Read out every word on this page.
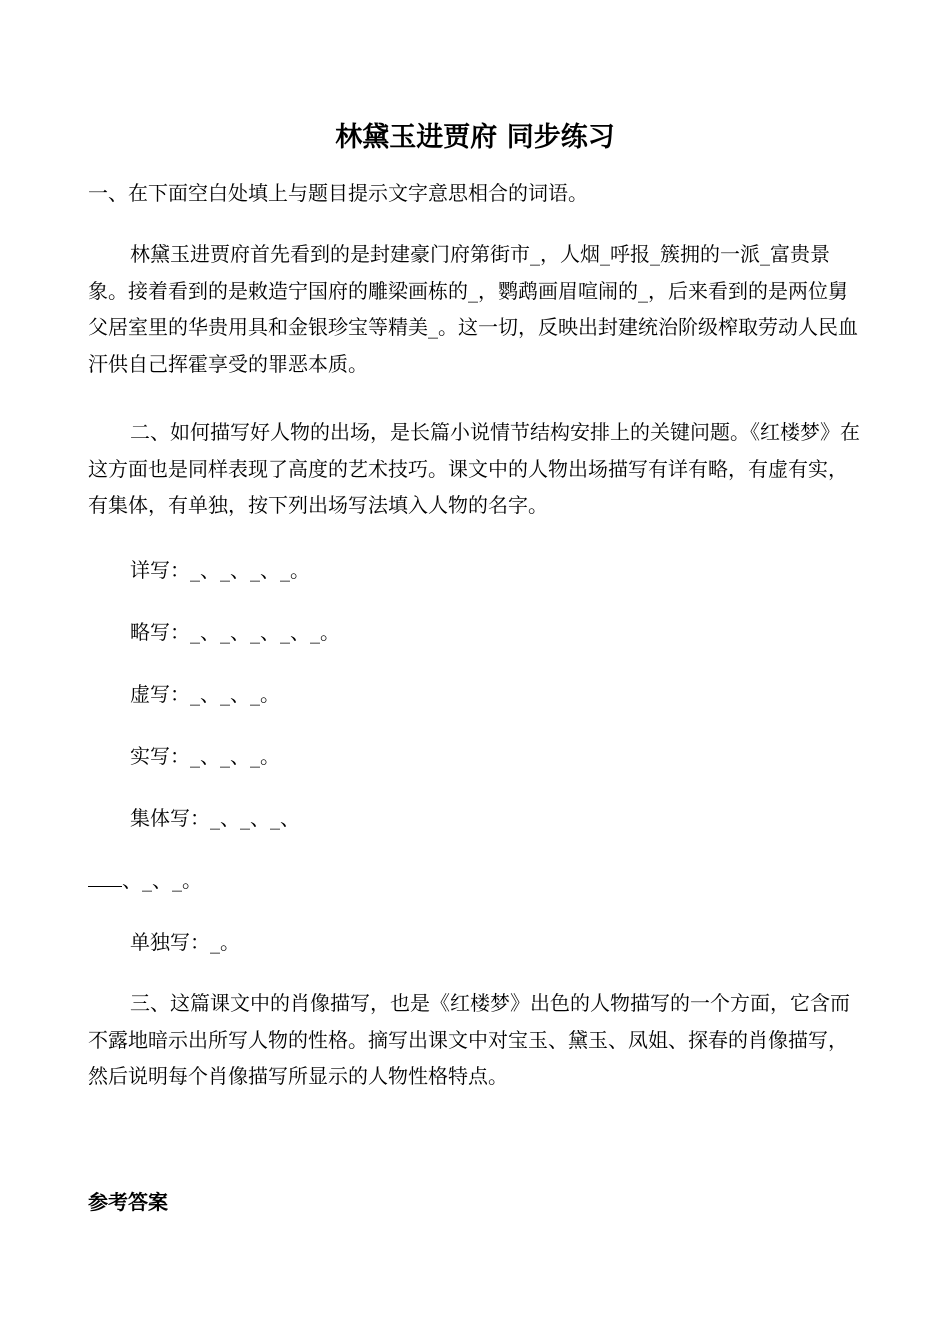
林黛玉进贾府 同步练习
一、在下面空白处填上与题目提示文字意思相合的词语。

林黛玉进贾府首先看到的是封建豪门府第街市_，人烟_呼报_簇拥的一派_富贵景象。接着看到的是敕造宁国府的雕梁画栋的_，鹦鹉画眉喧闹的_，后来看到的是两位舅父居室里的华贵用具和金银珍宝等精美_。这一切，反映出封建统治阶级榨取劳动人民血汗供自己挥霍享受的罪恶本质。

二、如何描写好人物的出场，是长篇小说情节结构安排上的关键问题。《红楼梦》在这方面也是同样表现了高度的艺术技巧。课文中的人物出场描写有详有略，有虚有实，有集体，有单独，按下列出场写法填入人物的名字。

详写：_、_、_、_。
略写：_、_、_、_、_。
虚写：_、_、_。
实写：_、_、_。
集体写：_、_、_、
、_、_。
单独写：_。

三、这篇课文中的肖像描写，也是《红楼梦》出色的人物描写的一个方面，它含而不露地暗示出所写人物的性格。摘写出课文中对宝玉、黛玉、凤姐、探春的肖像描写，然后说明每个肖像描写所显示的人物性格特点。

参考答案
